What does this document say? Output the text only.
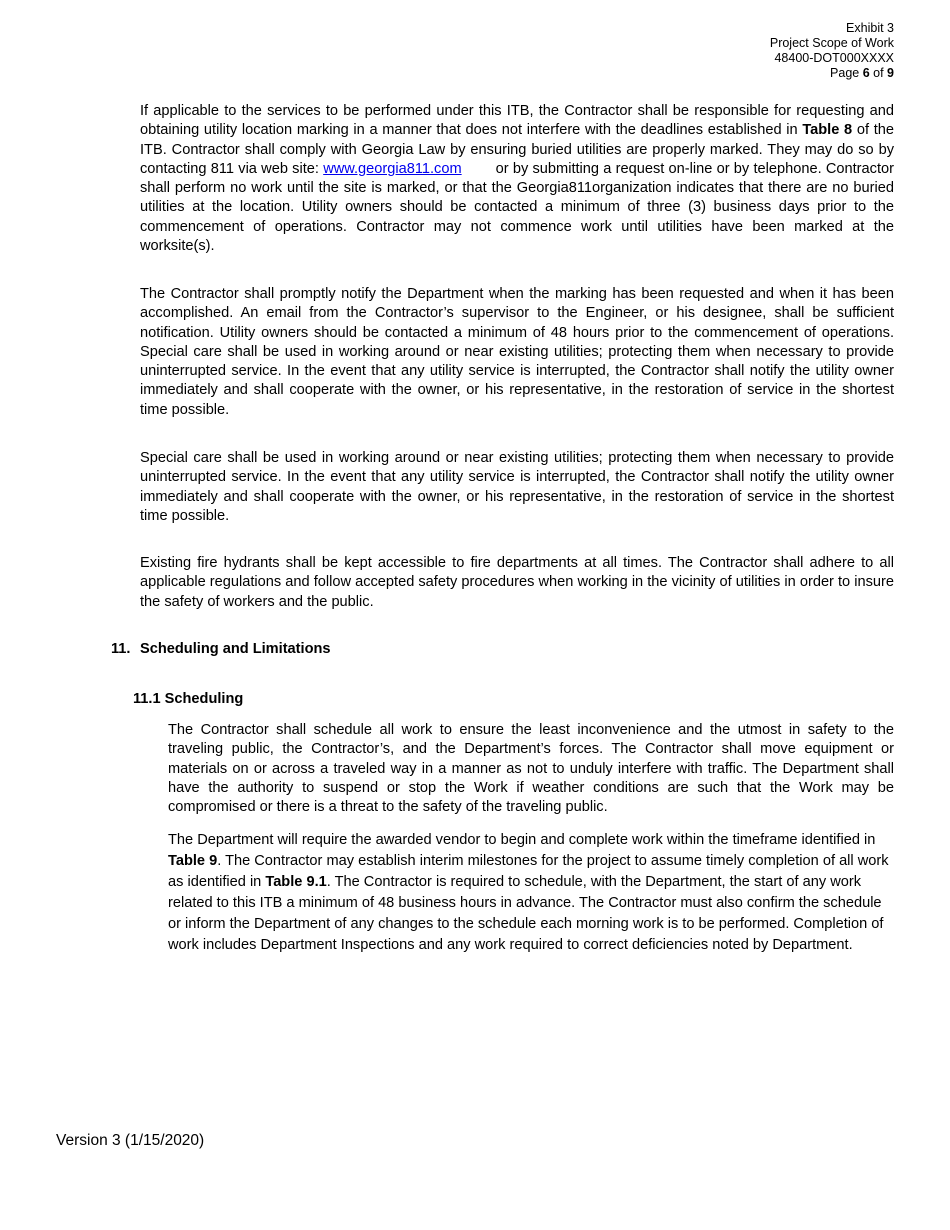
Exhibit 3
Project Scope of Work
48400-DOT000XXXX
Page 6 of 9
If applicable to the services to be performed under this ITB, the Contractor shall be responsible for requesting and obtaining utility location marking in a manner that does not interfere with the deadlines established in Table 8 of the ITB. Contractor shall comply with Georgia Law by ensuring buried utilities are properly marked. They may do so by contacting 811 via web site: www.georgia811.com or by submitting a request on-line or by telephone. Contractor shall perform no work until the site is marked, or that the Georgia811organization indicates that there are no buried utilities at the location. Utility owners should be contacted a minimum of three (3) business days prior to the commencement of operations. Contractor may not commence work until utilities have been marked at the worksite(s).
The Contractor shall promptly notify the Department when the marking has been requested and when it has been accomplished. An email from the Contractor’s supervisor to the Engineer, or his designee, shall be sufficient notification. Utility owners should be contacted a minimum of 48 hours prior to the commencement of operations. Special care shall be used in working around or near existing utilities; protecting them when necessary to provide uninterrupted service. In the event that any utility service is interrupted, the Contractor shall notify the utility owner immediately and shall cooperate with the owner, or his representative, in the restoration of service in the shortest time possible.
Special care shall be used in working around or near existing utilities; protecting them when necessary to provide uninterrupted service. In the event that any utility service is interrupted, the Contractor shall notify the utility owner immediately and shall cooperate with the owner, or his representative, in the restoration of service in the shortest time possible.
Existing fire hydrants shall be kept accessible to fire departments at all times. The Contractor shall adhere to all applicable regulations and follow accepted safety procedures when working in the vicinity of utilities in order to insure the safety of workers and the public.
11. Scheduling and Limitations
11.1 Scheduling
The Contractor shall schedule all work to ensure the least inconvenience and the utmost in safety to the traveling public, the Contractor’s, and the Department’s forces. The Contractor shall move equipment or materials on or across a traveled way in a manner as not to unduly interfere with traffic. The Department shall have the authority to suspend or stop the Work if weather conditions are such that the Work may be compromised or there is a threat to the safety of the traveling public.
The Department will require the awarded vendor to begin and complete work within the timeframe identified in Table 9. The Contractor may establish interim milestones for the project to assume timely completion of all work as identified in Table 9.1. The Contractor is required to schedule, with the Department, the start of any work related to this ITB a minimum of 48 business hours in advance. The Contractor must also confirm the schedule or inform the Department of any changes to the schedule each morning work is to be performed. Completion of work includes Department Inspections and any work required to correct deficiencies noted by Department.
Version 3 (1/15/2020)
